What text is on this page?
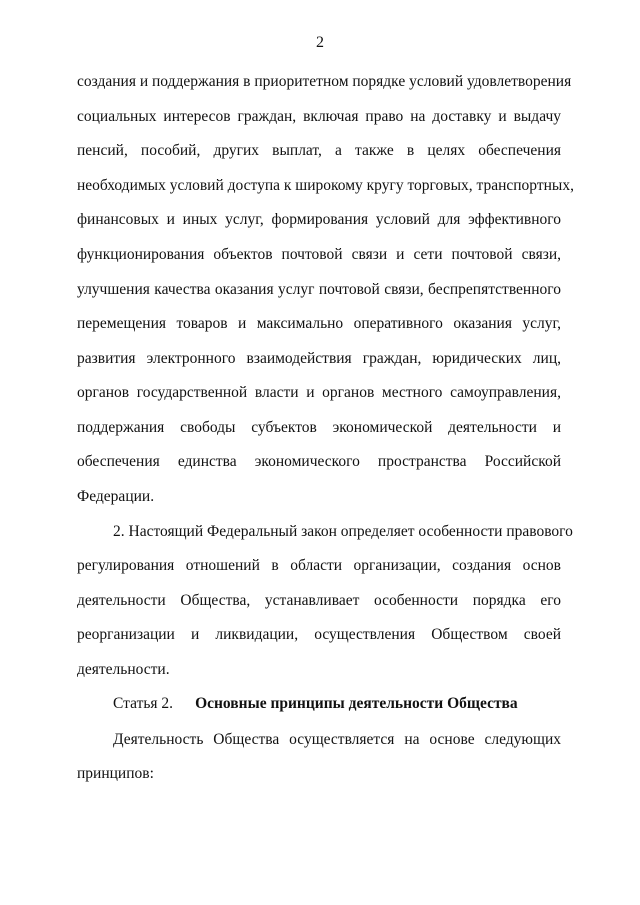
2
создания и поддержания в приоритетном порядке условий удовлетворения
социальных интересов граждан, включая право на доставку и выдачу
пенсий, пособий, других выплат, а также в целях обеспечения
необходимых условий доступа к широкому кругу торговых, транспортных,
финансовых и иных услуг, формирования условий для эффективного
функционирования объектов почтовой связи и сети почтовой связи,
улучшения качества оказания услуг почтовой связи, беспрепятственного
перемещения товаров и максимально оперативного оказания услуг,
развития электронного взаимодействия граждан, юридических лиц,
органов государственной власти и органов местного самоуправления,
поддержания свободы субъектов экономической деятельности и
обеспечения единства экономического пространства Российской
Федерации.
2. Настоящий Федеральный закон определяет особенности правового
регулирования отношений в области организации, создания основ
деятельности Общества, устанавливает особенности порядка его
реорганизации и ликвидации, осуществления Обществом своей
деятельности.
Статья 2. Основные принципы деятельности Общества
Деятельность Общества осуществляется на основе следующих
принципов:
